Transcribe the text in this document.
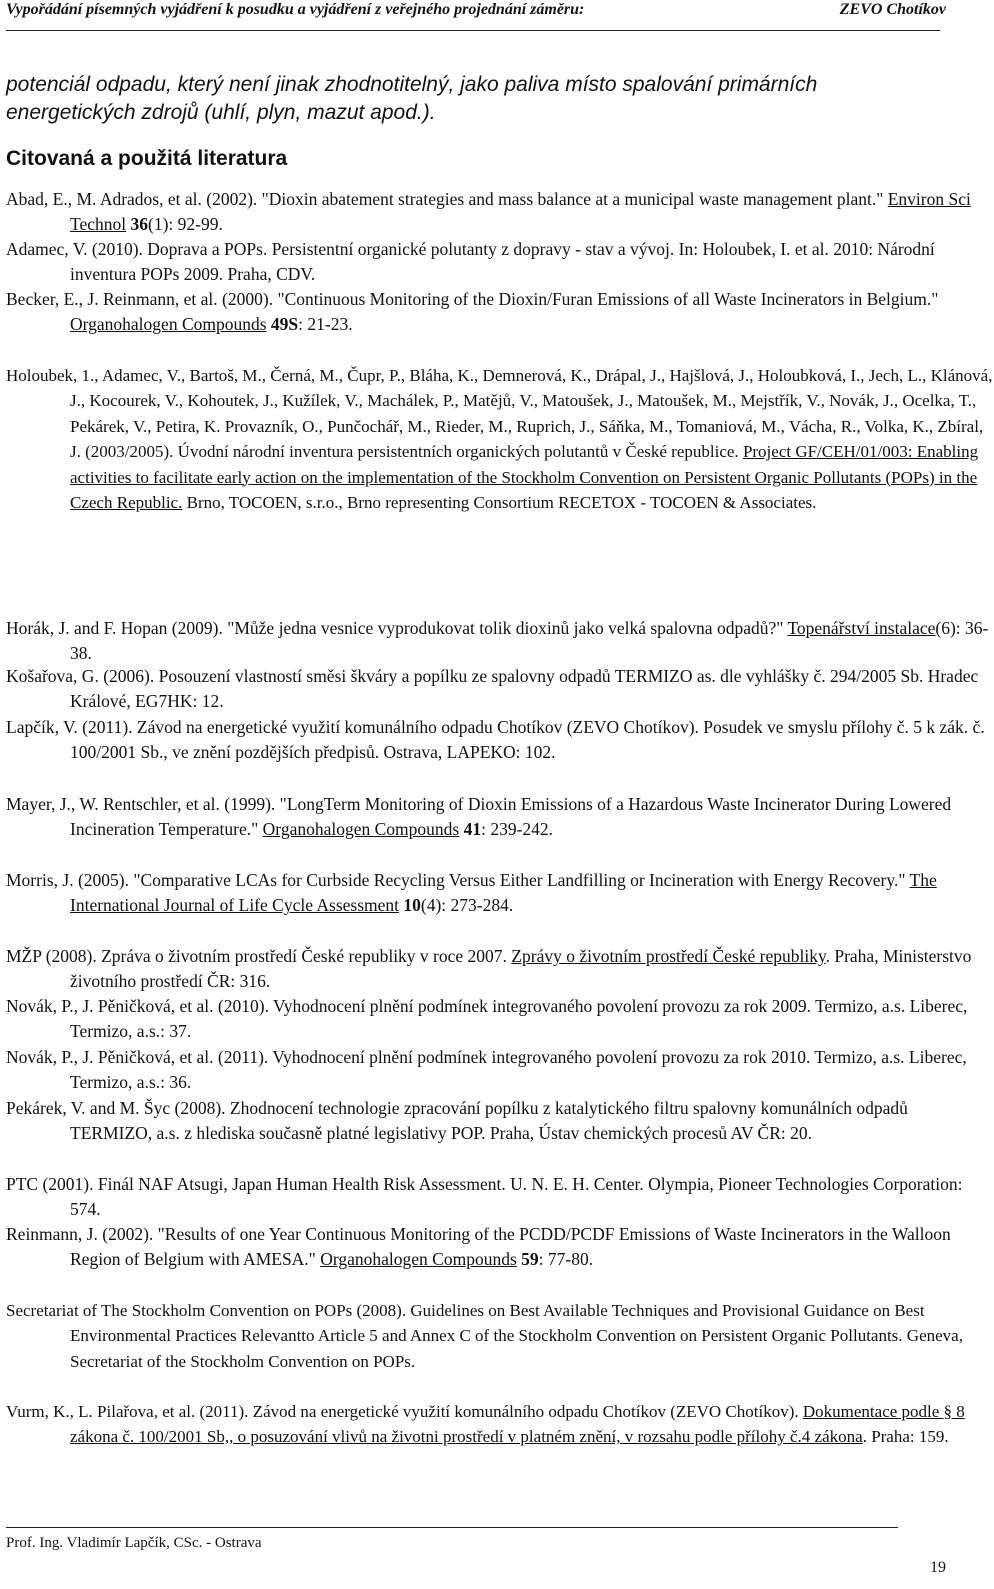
Vypořádání písemných vyjádření k posudku a vyjádření z veřejného projednání záměru:	ZEVO Chotíkov
potenciál odpadu, který není jinak zhodnotitelný, jako paliva místo spalování primárních energetických zdrojů (uhlí, plyn, mazut apod.).
Citovaná a použitá literatura
Abad, E., M. Adrados, et al. (2002). "Dioxin abatement strategies and mass balance at a municipal waste management plant." Environ Sci Technol 36(1): 92-99.
Adamec, V. (2010). Doprava a POPs. Persistentní organické polutanty z dopravy - stav a vývoj. In: Holoubek, I. et al. 2010: Národní inventura POPs 2009. Praha, CDV.
Becker, E., J. Reinmann, et al. (2000). "Continuous Monitoring of the Dioxin/Furan Emissions of all Waste Incinerators in Belgium." Organohalogen Compounds 49S: 21-23.
Holoubek, 1., Adamec, V., Bartoš, M., Černá, M., Čupr, P., Bláha, K., Demnerová, K., Drápal, J., Hajšlová, J., Holoubková, I., Jech, L., Klánová, J., Kocourek, V., Kohoutek, J., Kužílek, V., Machálek, P., Matějů, V., Matoušek, J., Matoušek, M., Mejstřík, V., Novák, J., Ocelka, T., Pekárek, V., Petira, K. Provazník, O., Punčochář, M., Rieder, M., Ruprich, J., Sáňka, M., Tomaniová, M., Vácha, R., Volka, K., Zbíral, J. (2003/2005). Úvodní národní inventura persistentních organických polutantů v České republice. Project GF/CEH/01/003: Enabling activities to facilitate early action on the implementation of the Stockholm Convention on Persistent Organic Pollutants (POPs) in the Czech Republic. Brno, TOCOEN, s.r.o., Brno representing Consortium RECETOX - TOCOEN & Associates.
Horák, J. and F. Hopan (2009). "Může jedna vesnice vyprodukovat tolik dioxinů jako velká spalovna odpadů?" Topenářství instalace(6): 36-38.
Košařova, G. (2006). Posouzení vlastností směsi škváry a popílku ze spalovny odpadů TERMIZO as. dle vyhlášky č. 294/2005 Sb. Hradec Králové, EG7HK: 12.
Lapčík, V. (2011). Závod na energetické využití komunálního odpadu Chotíkov (ZEVO Chotíkov). Posudek ve smyslu přílohy č. 5 k zák. č. 100/2001 Sb., ve znění pozdějších předpisů. Ostrava, LAPEKO: 102.
Mayer, J., W. Rentschler, et al. (1999). "LongTerm Monitoring of Dioxin Emissions of a Hazardous Waste Incinerator During Lowered Incineration Temperature." Organohalogen Compounds 41: 239-242.
Morris, J. (2005). "Comparative LCAs for Curbside Recycling Versus Either Landfilling or Incineration with Energy Recovery." The International Journal of Life Cycle Assessment 10(4): 273-284.
MŽP (2008). Zpráva o životním prostředí České republiky v roce 2007. Zprávy o životním prostředí České republiky. Praha, Ministerstvo životního prostředí ČR: 316.
Novák, P., J. Pěničková, et al. (2010). Vyhodnocení plnění podmínek integrovaného povolení provozu za rok 2009. Termizo, a.s. Liberec, Termizo, a.s.: 37.
Novák, P., J. Pěničková, et al. (2011). Vyhodnocení plnění podmínek integrovaného povolení provozu za rok 2010. Termizo, a.s. Liberec, Termizo, a.s.: 36.
Pekárek, V. and M. Šyc (2008). Zhodnocení technologie zpracování popílku z katalytického filtru spalovny komunálních odpadů TERMIZO, a.s. z hlediska současně platné legislativy POP. Praha, Ústav chemických procesů AV ČR: 20.
PTC (2001). Finál NAF Atsugi, Japan Human Health Risk Assessment. U. N. E. H. Center. Olympia, Pioneer Technologies Corporation: 574.
Reinmann, J. (2002). "Results of one Year Continuous Monitoring of the PCDD/PCDF Emissions of Waste Incinerators in the Walloon Region of Belgium with AMESA." Organohalogen Compounds 59: 77-80.
Secretariat of The Stockholm Convention on POPs (2008). Guidelines on Best Available Techniques and Provisional Guidance on Best Environmental Practices Relevantto Article 5 and Annex C of the Stockholm Convention on Persistent Organic Pollutants. Geneva, Secretariat of the Stockholm Convention on POPs.
Vurm, K., L. Pilařova, et al. (2011). Závod na energetické využití komunálního odpadu Chotíkov (ZEVO Chotíkov). Dokumentace podle § 8 zákona č. 100/2001 Sb,, o posuzování vlivů na životni prostředí v platném znění, v rozsahu podle přílohy č.4 zákona. Praha: 159.
Prof. Ing. Vladimír Lapčík, CSc. - Ostrava
19
